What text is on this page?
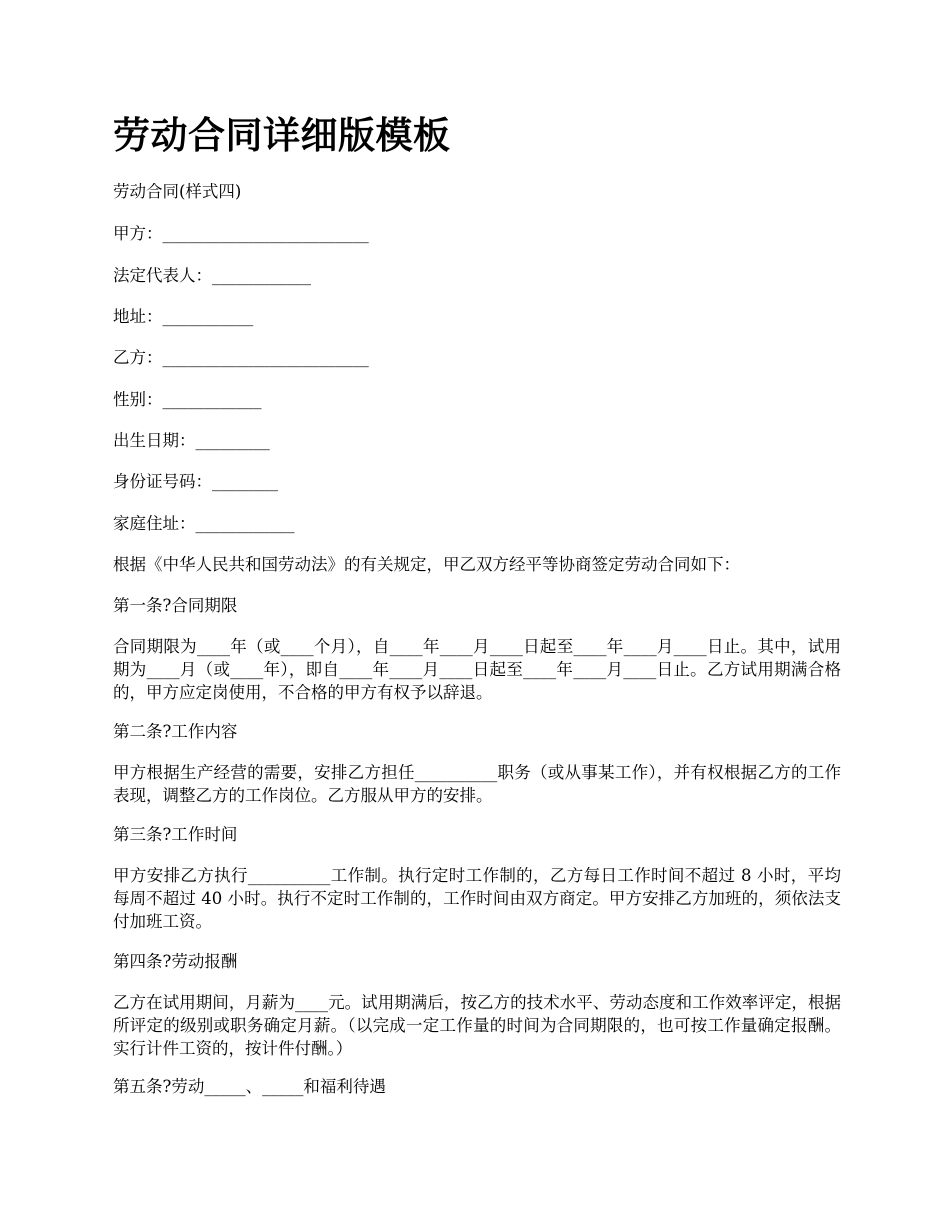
劳动合同详细版模板

劳动合同(样式四)

甲方：_________________________

法定代表人：____________

地址：___________

乙方：_________________________

性别：____________

出生日期：_________

身份证号码：________

家庭住址：____________

根据《中华人民共和国劳动法》的有关规定，甲乙双方经平等协商签定劳动合同如下：

第一条?合同期限

合同期限为____年（或____个月），自____年____月____日起至____年____月____日止。其中，试用期为____月（或____年），即自____年____月____日起至____年____月____日止。乙方试用期满合格的，甲方应定岗使用，不合格的甲方有权予以辞退。

第二条?工作内容

甲方根据生产经营的需要，安排乙方担任__________职务（或从事某工作），并有权根据乙方的工作表现，调整乙方的工作岗位。乙方服从甲方的安排。

第三条?工作时间

甲方安排乙方执行__________工作制。执行定时工作制的，乙方每日工作时间不超过 8 小时，平均每周不超过 40 小时。执行不定时工作制的，工作时间由双方商定。甲方安排乙方加班的，须依法支付加班工资。

第四条?劳动报酬

乙方在试用期间，月薪为____元。试用期满后，按乙方的技术水平、劳动态度和工作效率评定，根据所评定的级别或职务确定月薪。（以完成一定工作量的时间为合同期限的，也可按工作量确定报酬。实行计件工资的，按计件付酬。）

第五条?劳动_____、_____和福利待遇
